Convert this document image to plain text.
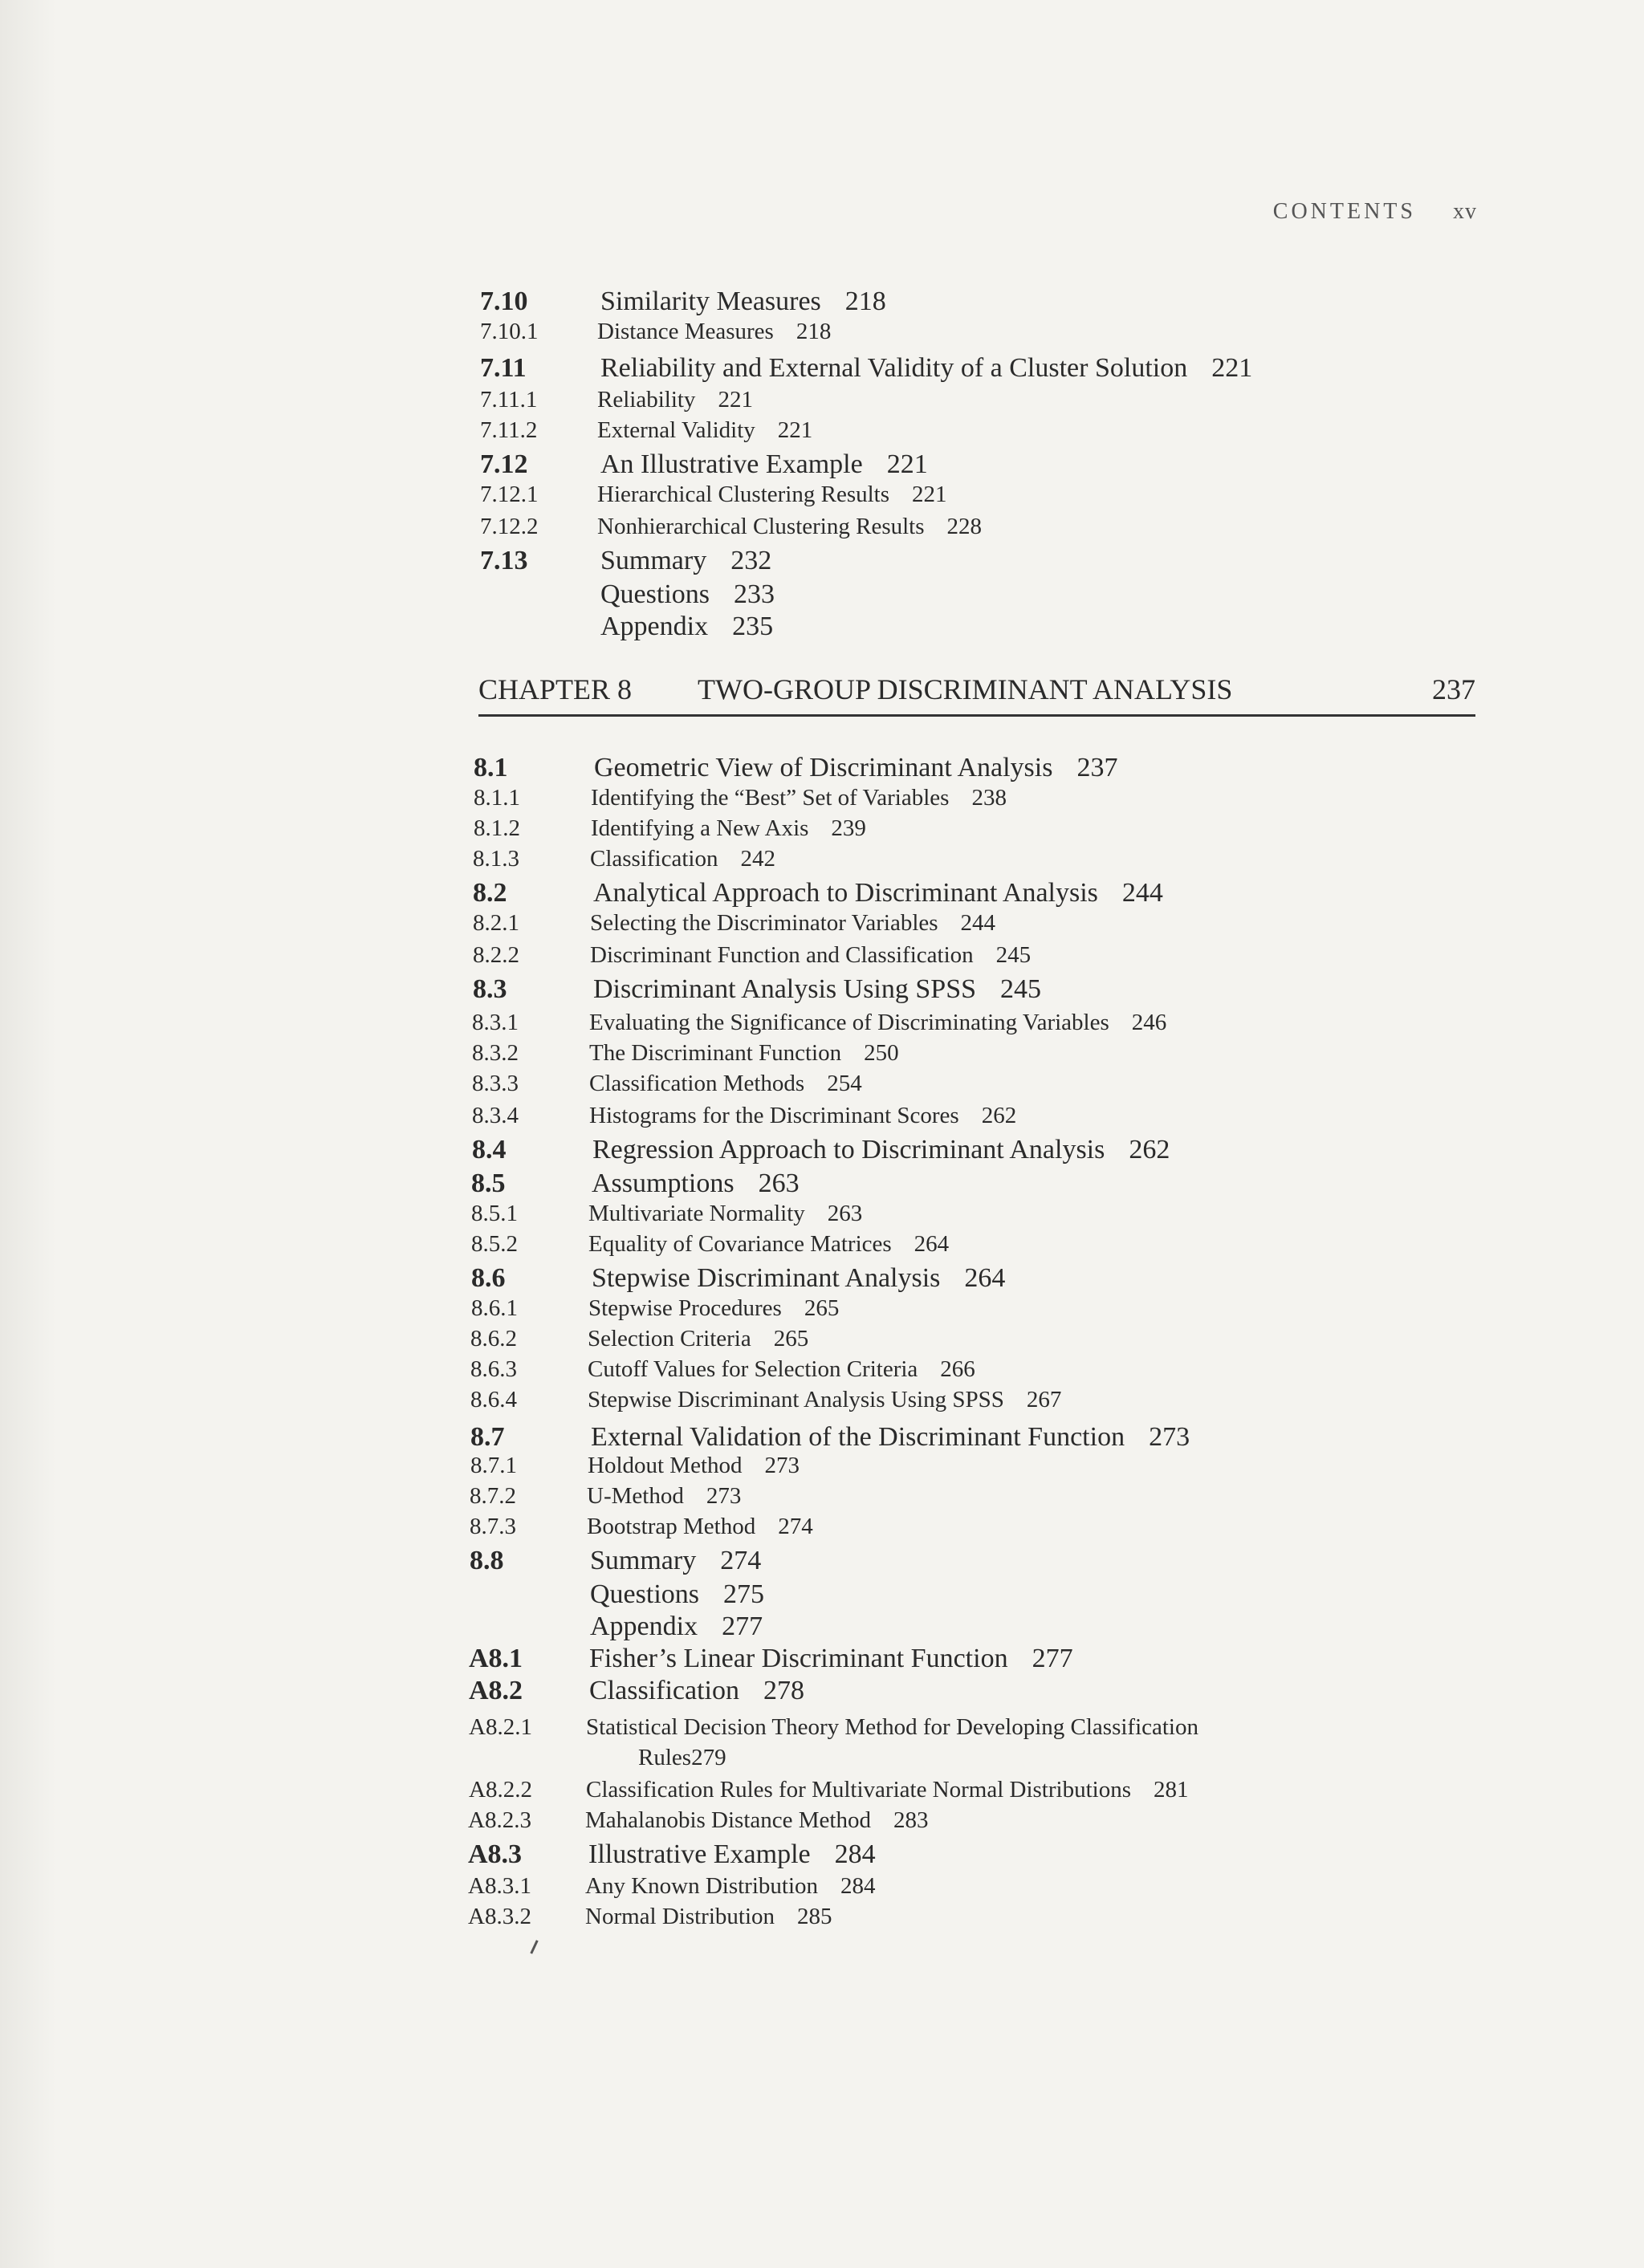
CONTENTS xv
CHAPTER 8 TWO-GROUP DISCRIMINANT ANALYSIS	237
7.10	Similarity Measures 218
7.10.1	Distance Measures 218
7.11	Reliability and External Validity of a Cluster Solution 221
7.11.1	Reliability 221
7.11.2	External Validity 221
7.12	An Illustrative Example 221
7.12.1	Hierarchical Clustering Results 221
7.12.2	Nonhierarchical Clustering Results 228
7.13	Summary 232
Questions 233
Appendix 235
8.1	Geometric View of Discriminant Analysis 237
8.1.1	Identifying the “Best” Set of Variables 238
8.1.2	Identifying a New Axis 239
8.1.3	Classification 242
8.2	Analytical Approach to Discriminant Analysis 244
8.2.1	Selecting the Discriminator Variables 244
8.2.2	Discriminant Function and Classification 245
8.3	Discriminant Analysis Using SPSS 245
8.3.1	Evaluating the Significance of Discriminating Variables 246
8.3.2	The Discriminant Function 250
8.3.3	Classification Methods 254
8.3.4	Histograms for the Discriminant Scores 262
8.4	Regression Approach to Discriminant Analysis 262
8.5	Assumptions 263
8.5.1	Multivariate Normality 263
8.5.2	Equality of Covariance Matrices 264
8.6	Stepwise Discriminant Analysis 264
8.6.1	Stepwise Procedures 265
8.6.2	Selection Criteria 265
8.6.3	Cutoff Values for Selection Criteria 266
8.6.4	Stepwise Discriminant Analysis Using SPSS 267
8.7	External Validation of the Discriminant Function 273
8.7.1	Holdout Method 273
8.7.2	U-Method 273
8.7.3	Bootstrap Method 274
8.8	Summary 274
Questions 275
Appendix 277
A8.1 Fisher’s Linear Discriminant Function 277
A8.2 Classification 278
A8.2.1 Statistical Decision Theory Method for Developing Classification
Rules279
A8.2.2 Classification Rules for Multivariate Normal Distributions 281
A8.2.3 Mahalanobis Distance Method 283
A8.3 Illustrative Example 284
A8.3.1 Any Known Distribution 284
A8.3.2 Normal Distribution 285
